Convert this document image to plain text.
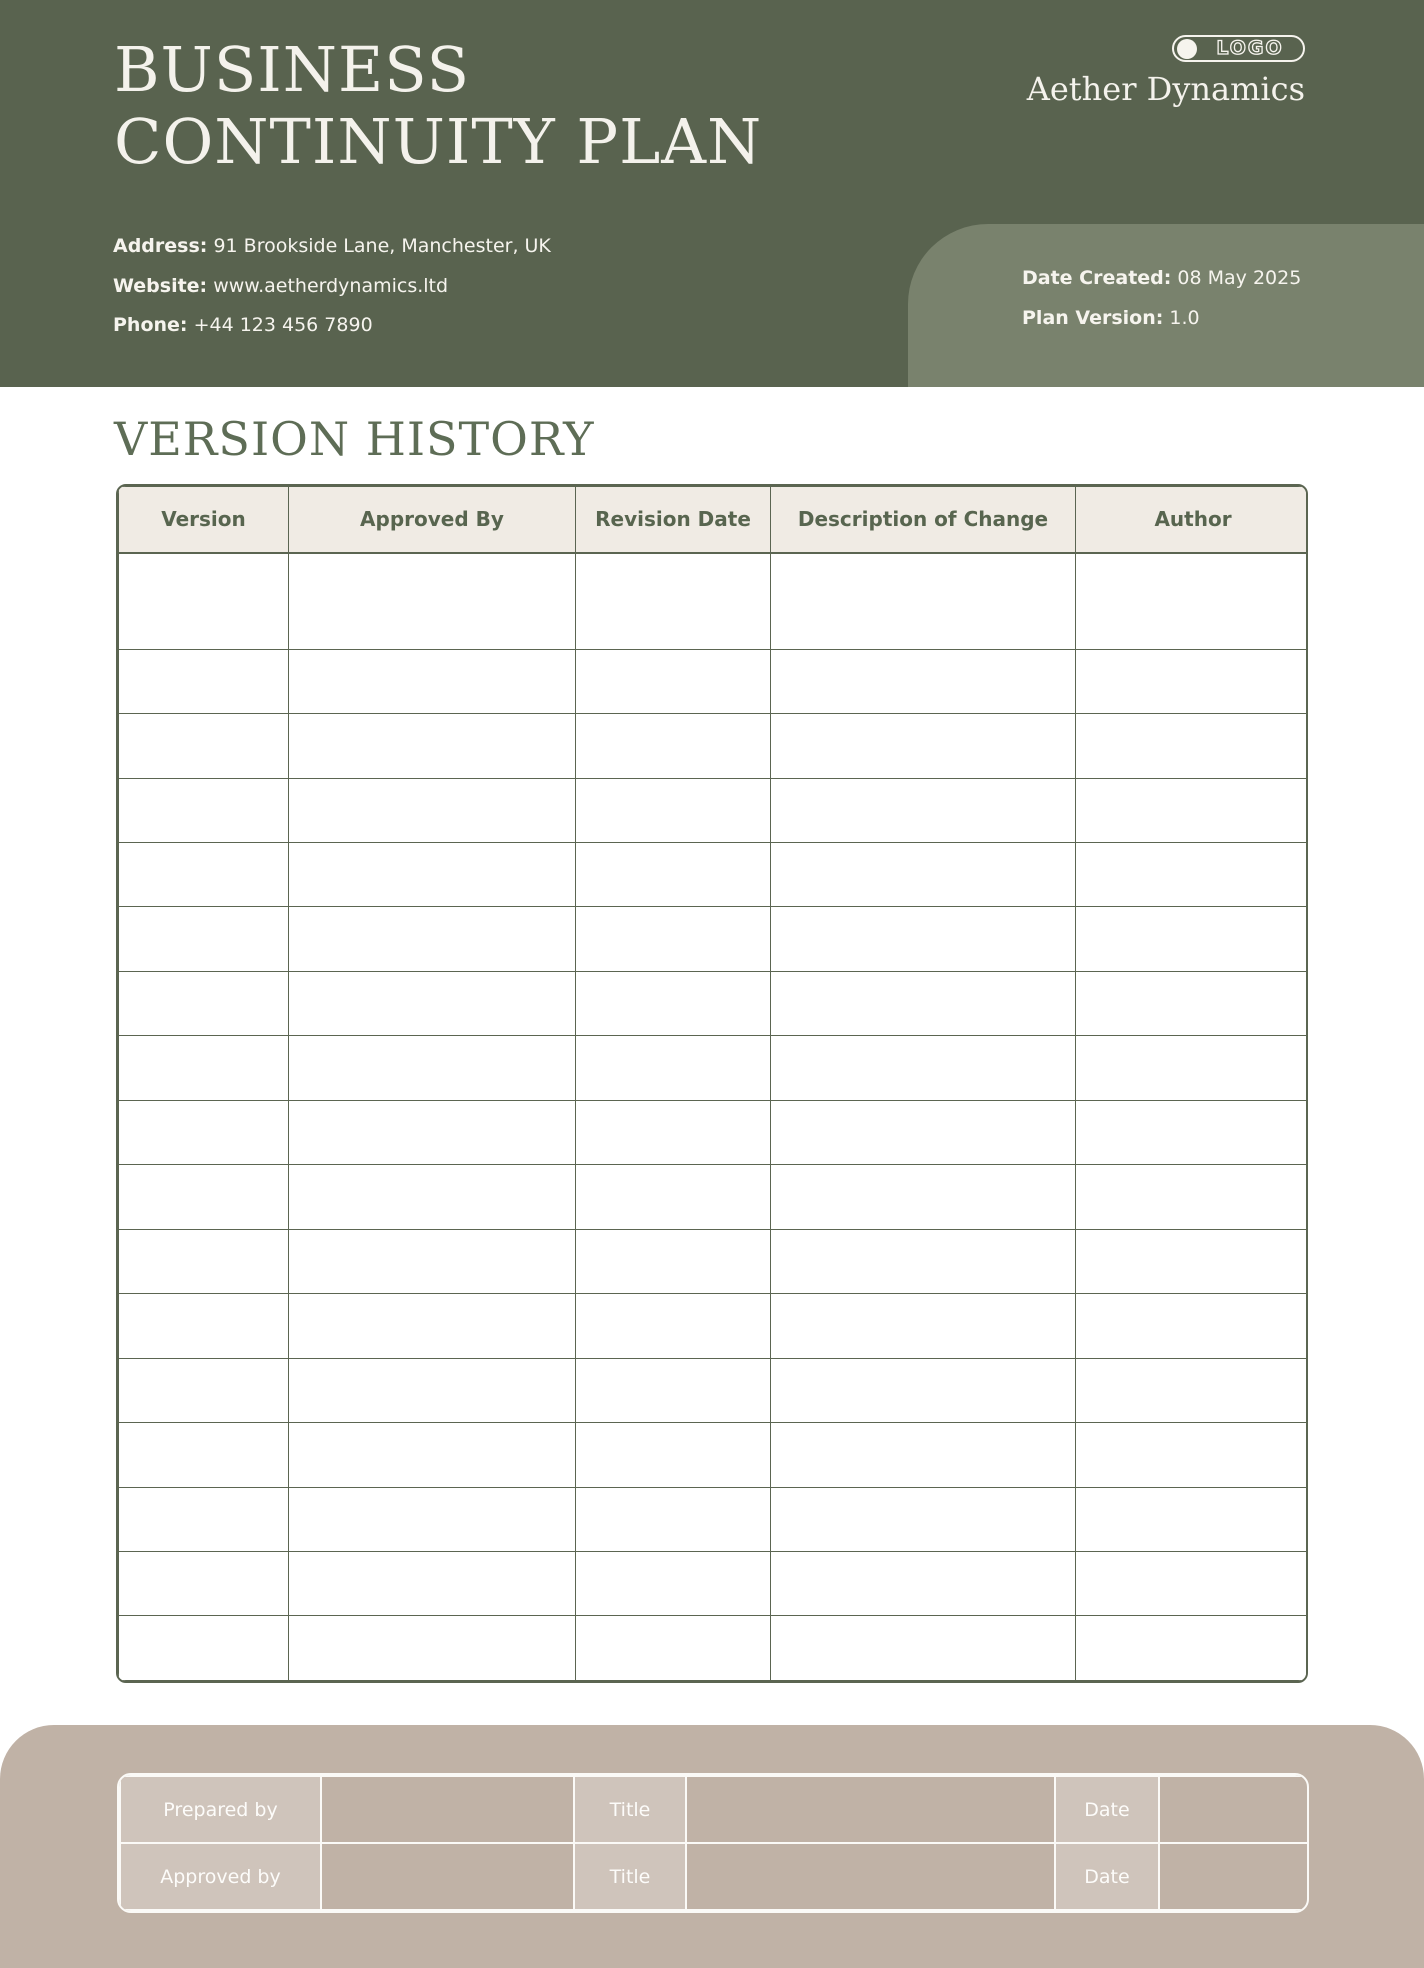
BUSINESS
CONTINUITY PLAN
Address: 91 Brookside Lane, Manchester, UK
Website: www.aetherdynamics.ltd
Phone: +44 123 456 7890
LOGO
Aether Dynamics
Date Created: 08 May 2025
Plan Version: 1.0
VERSION HISTORY
Version	Approved By	Revision Date	Description of Change	Author

Prepared by		Title		Date	
Approved by		Title		Date	
